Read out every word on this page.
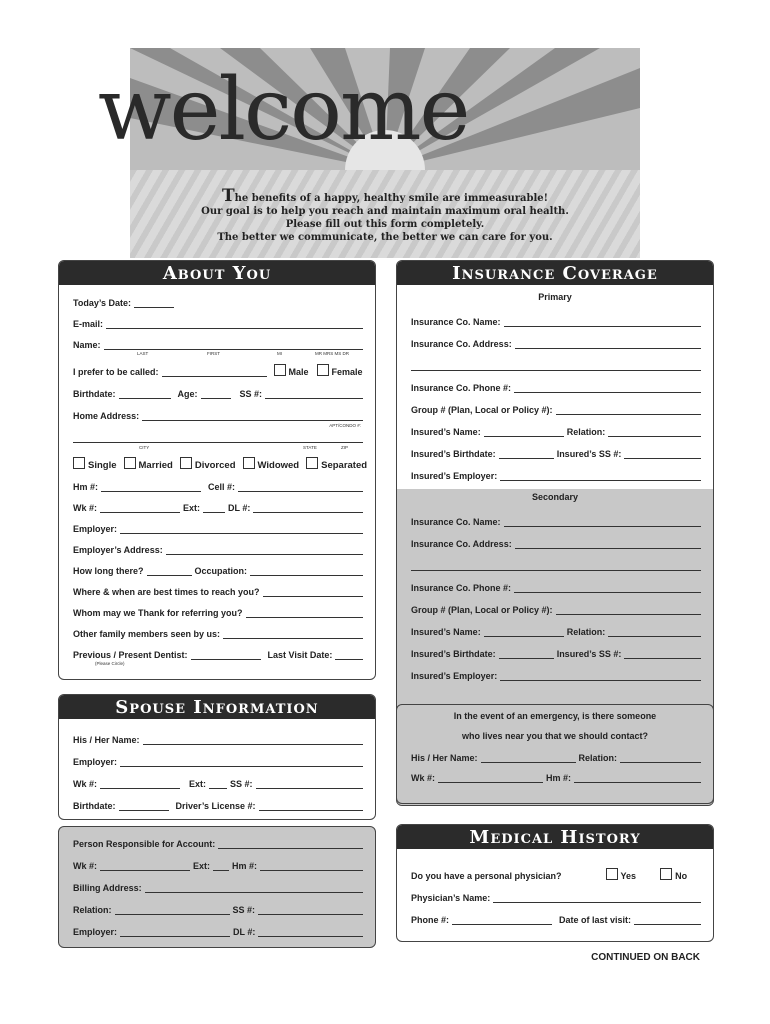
welcome
The benefits of a happy, healthy smile are immeasurable!
Our goal is to help you reach and maintain maximum oral health.
Please fill out this form completely.
The better we communicate, the better we can care for you.
About You
Today’s Date:
E-mail:
Name:
LAST	FIRST	MI	MR MRS MS DR
I prefer to be called:	Male	Female
Birthdate:	Age:	SS #:
Home Address:
APT/CONDO #:
CITY	STATE	ZIP
Single	Married	Divorced	Widowed	Separated
Hm #:	Cell #:
Wk #:	Ext:	DL #:
Employer:
Employer’s Address:
How long there?	Occupation:
Where & when are best times to reach you?
Whom may we Thank for referring you?
Other family members seen by us:
Previous / Present Dentist:	Last Visit Date:
(Please Circle)
Insurance Coverage
Primary
Insurance Co. Name:
Insurance Co. Address:
Insurance Co. Phone #:
Group # (Plan, Local or Policy #):
Insured’s Name:	Relation:
Insured’s Birthdate:	Insured’s SS #:
Insured’s Employer:
Secondary
Insurance Co. Name:
Insurance Co. Address:
Insurance Co. Phone #:
Group # (Plan, Local or Policy #):
Insured’s Name:	Relation:
Insured’s Birthdate:	Insured’s SS #:
Insured’s Employer:
Spouse Information
His / Her Name:
Employer:
Wk #:	Ext:	SS #:
Birthdate:	Driver’s License #:
Person Responsible for Account:
Wk #:	Ext: Hm #:
Billing Address:
Relation:	SS #:
Employer:	DL #:
In the event of an emergency, is there someone
who lives near you that we should contact?
His / Her Name:	Relation:
Wk #:	Hm #:
Medical History
Do you have a personal physician?	Yes	No
Physician’s Name:
Phone #:	Date of last visit:
CONTINUED ON BACK
